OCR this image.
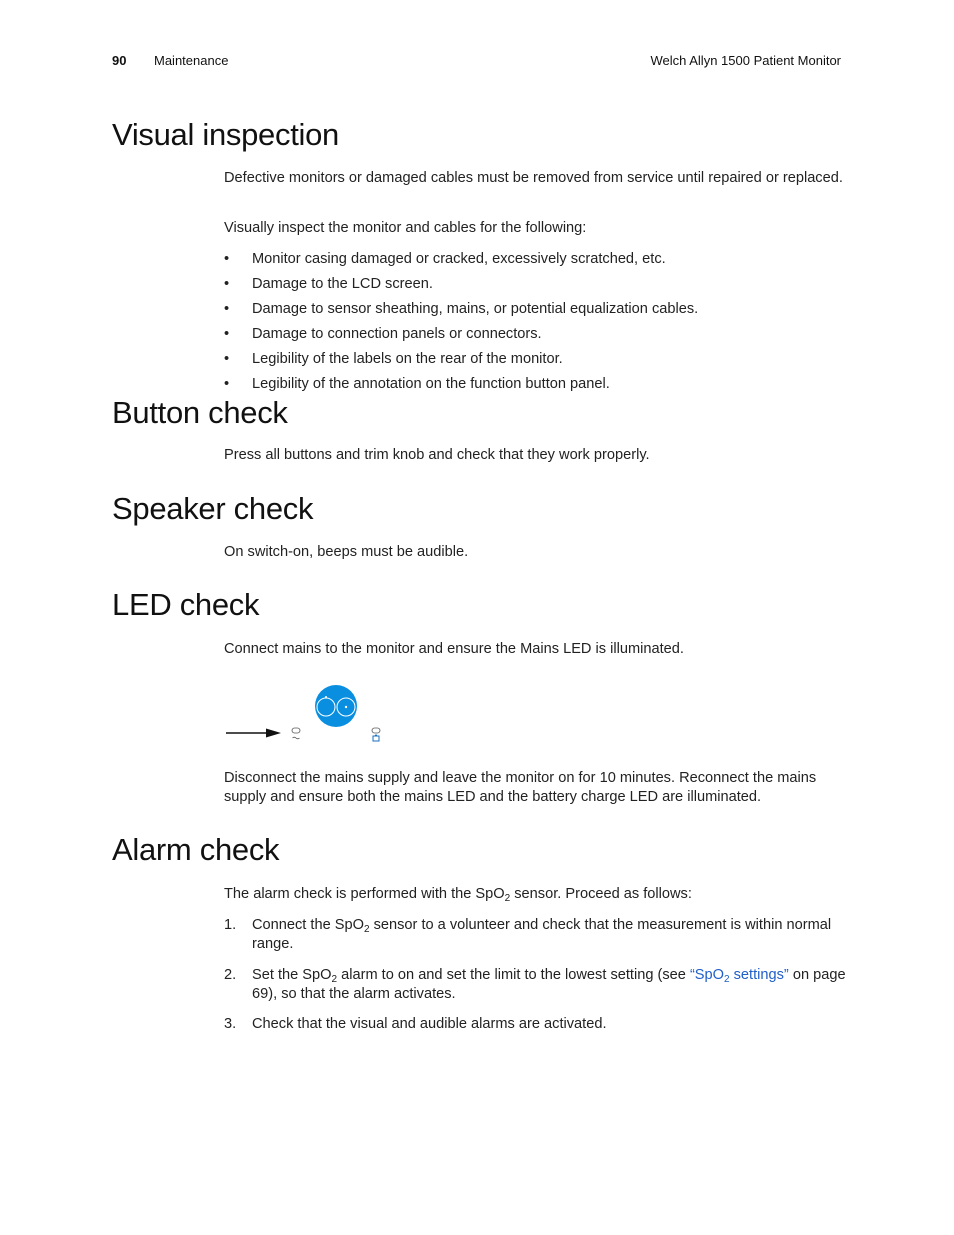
90 Maintenance	Welch Allyn 1500 Patient Monitor
Visual inspection

Defective monitors or damaged cables must be removed from service until repaired or replaced.

Visually inspect the monitor and cables for the following:

• Monitor casing damaged or cracked, excessively scratched, etc.
• Damage to the LCD screen.
• Damage to sensor sheathing, mains, or potential equalization cables.
• Damage to connection panels or connectors.
• Legibility of the labels on the rear of the monitor.
• Legibility of the annotation on the function button panel.
Button check

Press all buttons and trim knob and check that they work properly.

Speaker check

On switch-on, beeps must be audible.

LED check

Connect mains to the monitor and ensure the Mains LED is illuminated.

Disconnect the mains supply and leave the monitor on for 10 minutes. Reconnect the mains supply and ensure both the mains LED and the battery charge LED are illuminated.

Alarm check

The alarm check is performed with the SpO$_2$ sensor. Proceed as follows:

1. Connect the SpO$_2$ sensor to a volunteer and check that the measurement is within normal range.
2. Set the SpO$_2$ alarm to on and set the limit to the lowest setting (see “SpO$_2$ settings” on page 69), so that the alarm activates.
3. Check that the visual and audible alarms are activated.
